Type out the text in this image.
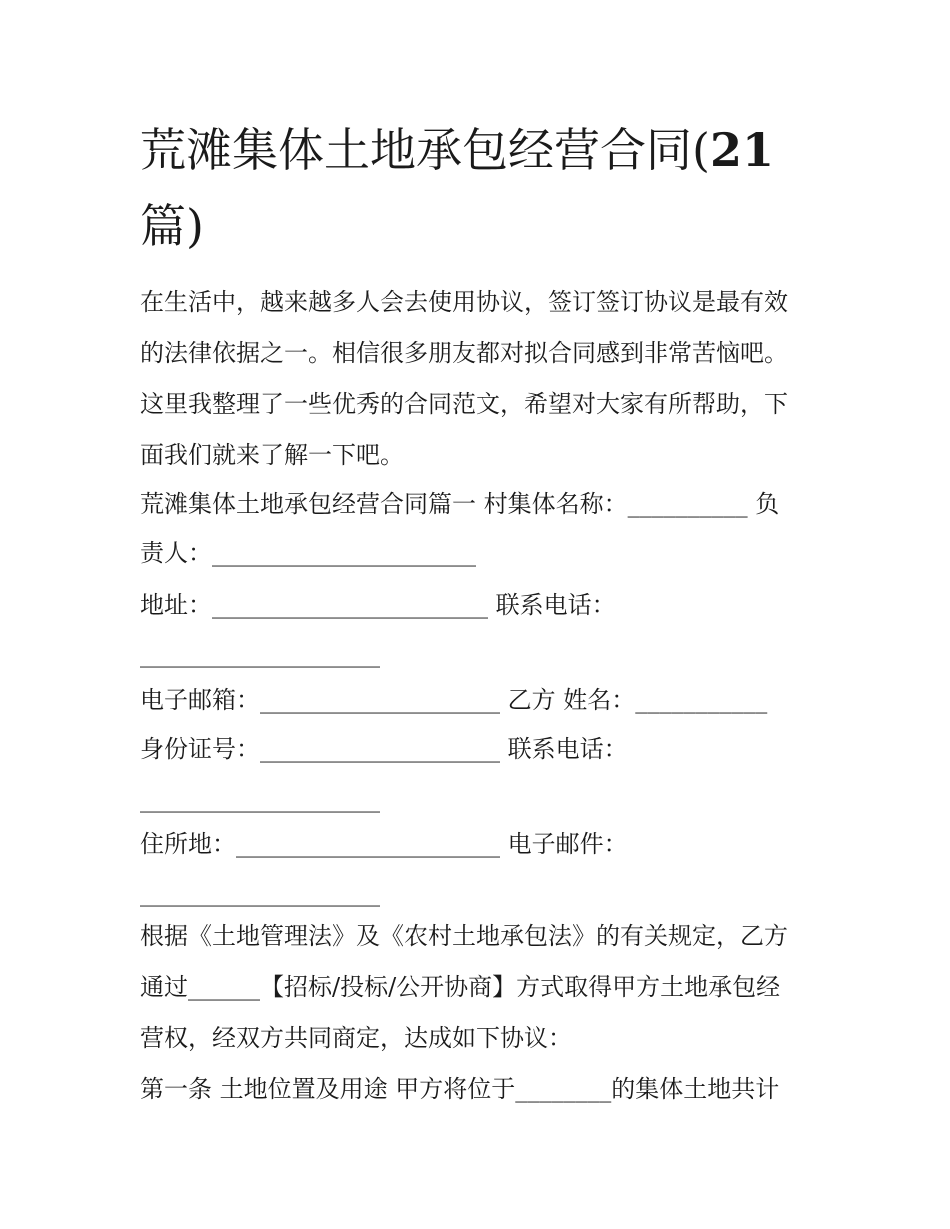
荒滩集体土地承包经营合同(21
篇)
在生活中，越来越多人会去使用协议，签订签订协议是最有效
的法律依据之一。相信很多朋友都对拟合同感到非常苦恼吧。
这里我整理了一些优秀的合同范文，希望对大家有所帮助，下
面我们就来了解一下吧。
荒滩集体土地承包经营合同篇一 村集体名称：__________ 负
责人：______________________
地址：_______________________ 联系电话：
____________________
电子邮箱：____________________ 乙方 姓名：___________
身份证号：____________________ 联系电话：
____________________
住所地：______________________ 电子邮件：
____________________
根据《土地管理法》及《农村土地承包法》的有关规定，乙方
通过______【招标/投标/公开协商】方式取得甲方土地承包经
营权，经双方共同商定，达成如下协议：
第一条 土地位置及用途 甲方将位于________的集体土地共计
